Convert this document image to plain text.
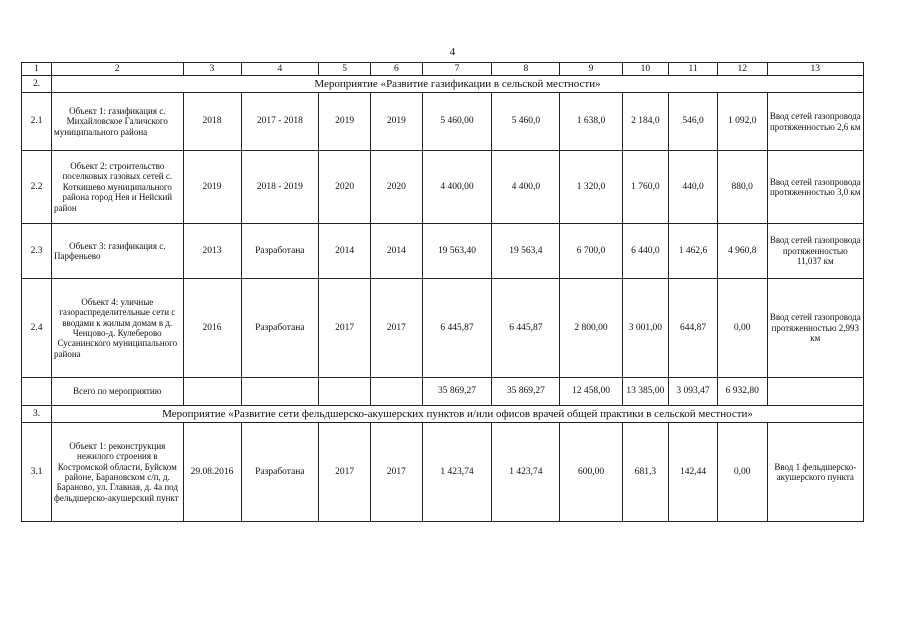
4
1	2	3	4	5	6	7	8	9	10	11	12	13
2.	Мероприятие «Развитие газификации в сельской местности»											
2.1	Объект 1: газификация с. Михайловское Галичского муниципального района	2018	2017 - 2018	2019	2019	5 460,00	5 460,0	1 638,0	2 184,0	546,0	1 092,0	Ввод сетей газопровода протяженностью 2,6 км
2.2	Объект 2: строительство поселковых газовых сетей с. Коткишево муниципального района город Нея и Нейский район	2019	2018 - 2019	2020	2020	4 400,00	4 400,0	1 320,0	1 760,0	440,0	880,0	Ввод сетей газопровода протяженностью 3,0 км
2.3	Объект 3: газификация с. Парфеньево	2013	Разработана	2014	2014	19 563,40	19 563,4	6 700,0	6 440,0	1 462,6	4 960,8	Ввод сетей газопровода протяженностью 11,037 км
2.4	Объект 4: уличные газораспределительные сети с вводами к жилым домам в д. Ченцово-д. Кулеберово Сусанинского муниципального района	2016	Разработана	2017	2017	6 445,87	6 445,87	2 800,00	3 001,00	644,87	0,00	Ввод сетей газопровода протяженностью 2,993 км
	Всего по мероприятию					35 869,27	35 869,27	12 458,00	13 385,00	3 093,47	6 932,80	
3.	Мероприятие «Развитие сети фельдшерско-акушерских пунктов и/или офисов врачей общей практики в сельской местности»											
3.1	Объект 1: реконструкция нежилого строения в Костромской области, Буйском районе, Барановском с/п, д. Бараново, ул. Главная, д. 4а под фельдшерско-акушерский пункт	29.08.2016	Разработана	2017	2017	1 423,74	1 423,74	600,00	681,3	142,44	0,00	Ввод 1 фельдшерско-акушерского пункта
